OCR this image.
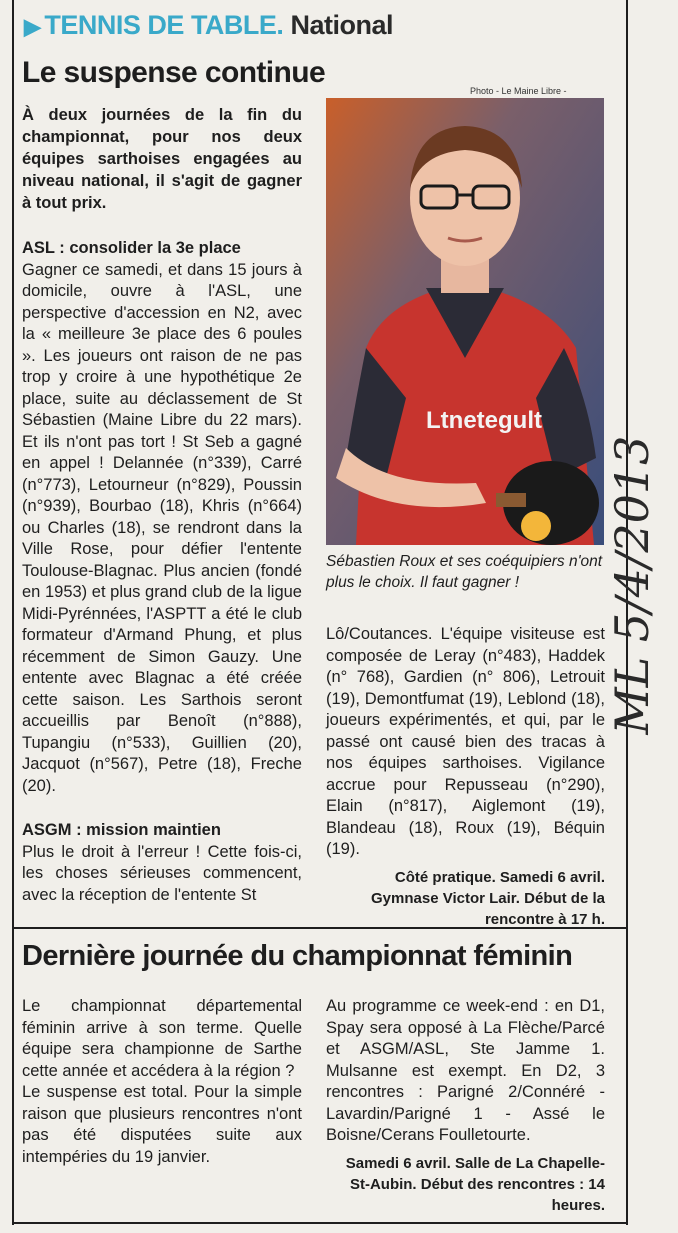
▶ TENNIS DE TABLE. National
Le suspense continue
À deux journées de la fin du championnat, pour nos deux équipes sarthoises engagées au niveau national, il s'agit de gagner à tout prix.
ASL : consolider la 3e place

Gagner ce samedi, et dans 15 jours à domicile, ouvre à l'ASL, une perspective d'accession en N2, avec la « meilleure 3e place des 6 poules ». Les joueurs ont raison de ne pas trop y croire à une hypothétique 2e place, suite au déclassement de St Sébastien (Maine Libre du 22 mars). Et ils n'ont pas tort ! St Seb a gagné en appel ! Delannée (n°339), Carré (n°773), Letourneur (n°829), Poussin (n°939), Bourbao (18), Khris (n°664) ou Charles (18), se rendront dans la Ville Rose, pour défier l'entente Toulouse-Blagnac. Plus ancien (fondé en 1953) et plus grand club de la ligue Midi-Pyrénnées, l'ASPTT a été le club formateur d'Armand Phung, et plus récemment de Simon Gauzy. Une entente avec Blagnac a été créée cette saison. Les Sarthois seront accueillis par Benoît (n°888), Tupangiu (n°533), Guillien (20), Jacquot (n°567), Petre (18), Freche (20).

ASGM : mission maintien

Plus le droit à l'erreur ! Cette fois-ci, les choses sérieuses commencent, avec la réception de l'entente St

Photo - Le Maine Libre -
Ltnetegult
Sébastien Roux et ses coéquipiers n'ont plus le choix. Il faut gagner !

Lô/Coutances. L'équipe visiteuse est composée de Leray (n°483), Haddek (n° 768), Gardien (n° 806), Letrouit (19), Demontfumat (19), Leblond (18), joueurs expérimentés, et qui, par le passé ont causé bien des tracas à nos équipes sarthoises. Vigilance accrue pour Repusseau (n°290), Elain (n°817), Aiglemont (19), Blandeau (18), Roux (19), Béquin (19).

Côté pratique. Samedi 6 avril. Gymnase Victor Lair. Début de la rencontre à 17 h.

Dernière journée du championnat féminin

Le championnat départemental féminin arrive à son terme. Quelle équipe sera championne de Sarthe cette année et accédera à la région ?

Le suspense est total. Pour la simple raison que plusieurs rencontres n'ont pas été disputées suite aux intempéries du 19 janvier.

Au programme ce week-end : en D1, Spay sera opposé à La Flèche/Parcé et ASGM/ASL, Ste Jamme 1. Mulsanne est exempt. En D2, 3 rencontres : Parigné 2/Connéré - Lavardin/Parigné 1 - Assé le Boisne/Cerans Foulletourte.

Samedi 6 avril. Salle de La Chapelle-St-Aubin. Début des rencontres : 14 heures.

ML 5/4/2013
